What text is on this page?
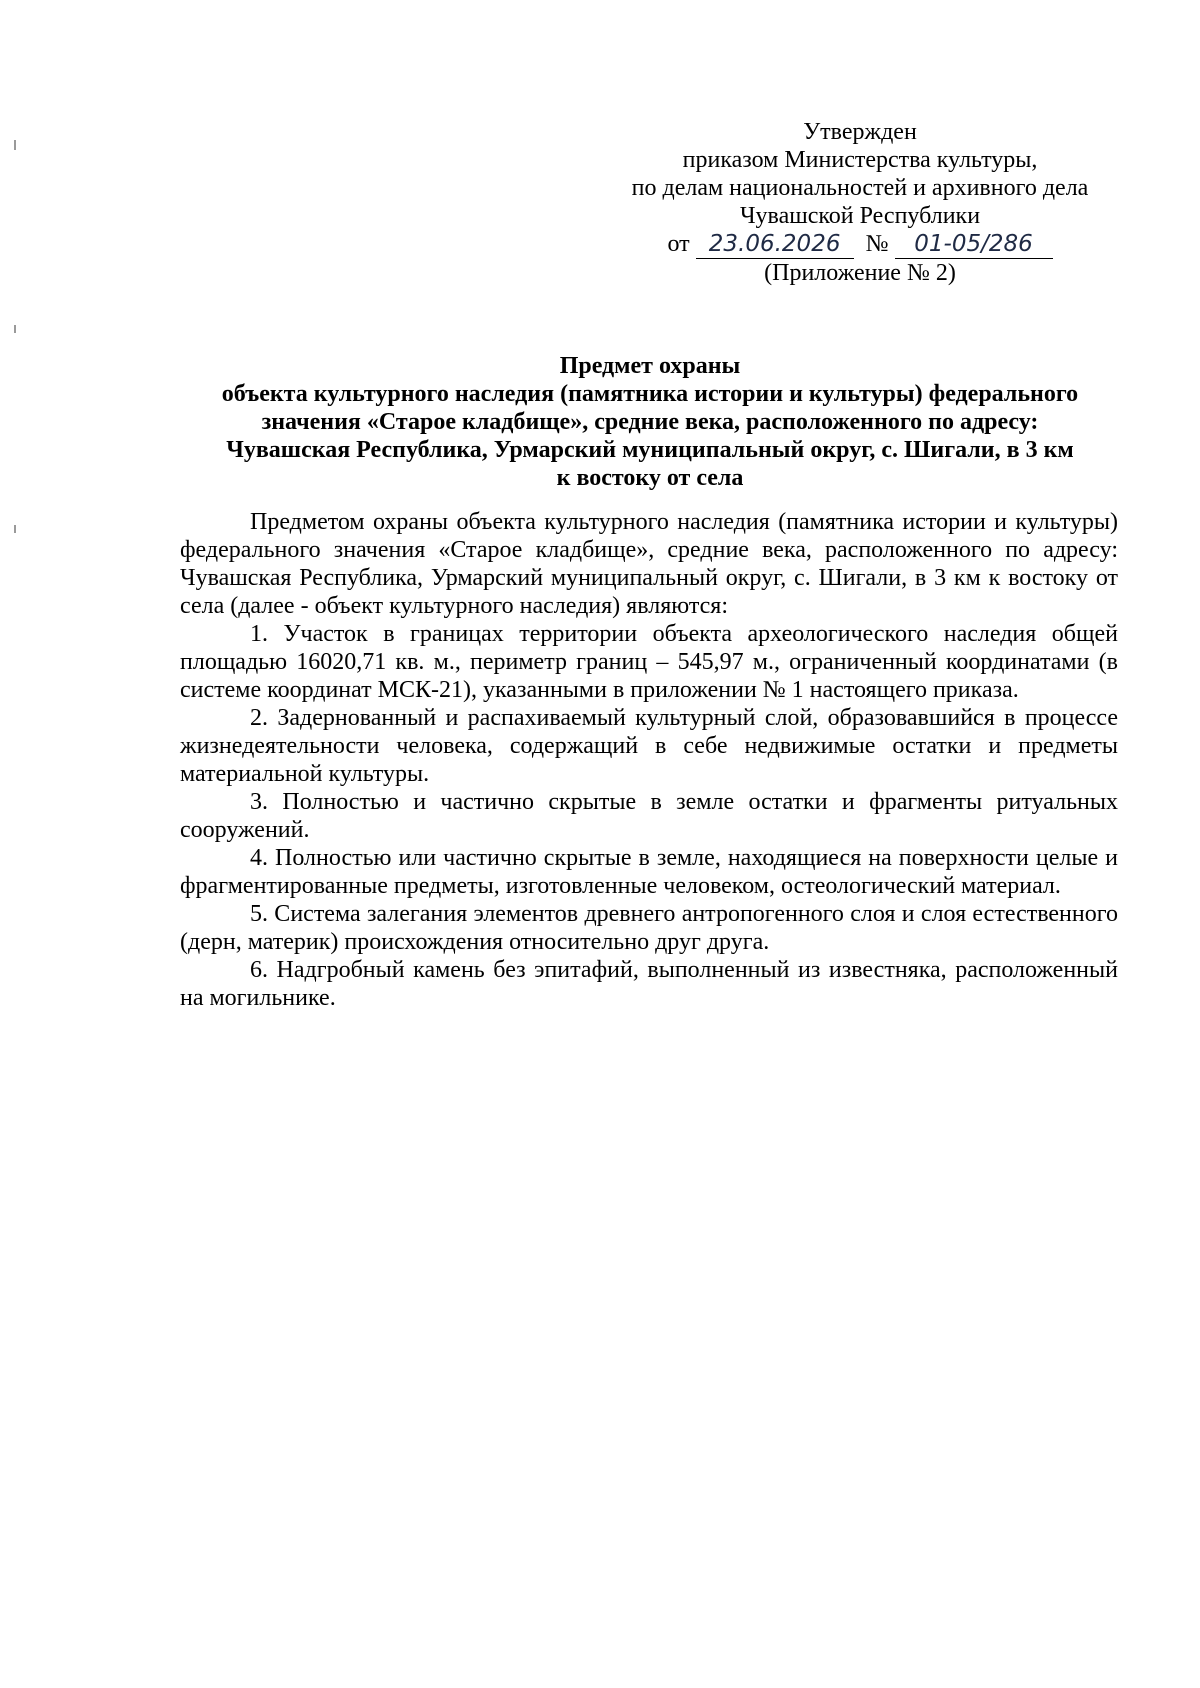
Утвержден
приказом Министерства культуры,
по делам национальностей и архивного дела
Чувашской Республики
от 23.06.2026 № 01-05/286
(Приложение № 2)
Предмет охраны
объекта культурного наследия (памятника истории и культуры) федерального
значения «Старое кладбище», средние века, расположенного по адресу:
Чувашская Республика, Урмарский муниципальный округ, с. Шигали, в 3 км
к востоку от села

Предметом охраны объекта культурного наследия (памятника истории и культуры) федерального значения «Старое кладбище», средние века, расположенного по адресу: Чувашская Республика, Урмарский муниципальный округ, с. Шигали, в 3 км к востоку от села (далее - объект культурного наследия) являются:

1. Участок в границах территории объекта археологического наследия общей площадью 16020,71 кв. м., периметр границ – 545,97 м., ограниченный координатами (в системе координат МСК-21), указанными в приложении № 1 настоящего приказа.

2. Задернованный и распахиваемый культурный слой, образовавшийся в процессе жизнедеятельности человека, содержащий в себе недвижимые остатки и предметы материальной культуры.

3. Полностью и частично скрытые в земле остатки и фрагменты ритуальных сооружений.

4. Полностью или частично скрытые в земле, находящиеся на поверхности целые и фрагментированные предметы, изготовленные человеком, остеологический материал.

5. Система залегания элементов древнего антропогенного слоя и слоя естественного (дерн, материк) происхождения относительно друг друга.

6. Надгробный камень без эпитафий, выполненный из известняка, расположенный на могильнике.
